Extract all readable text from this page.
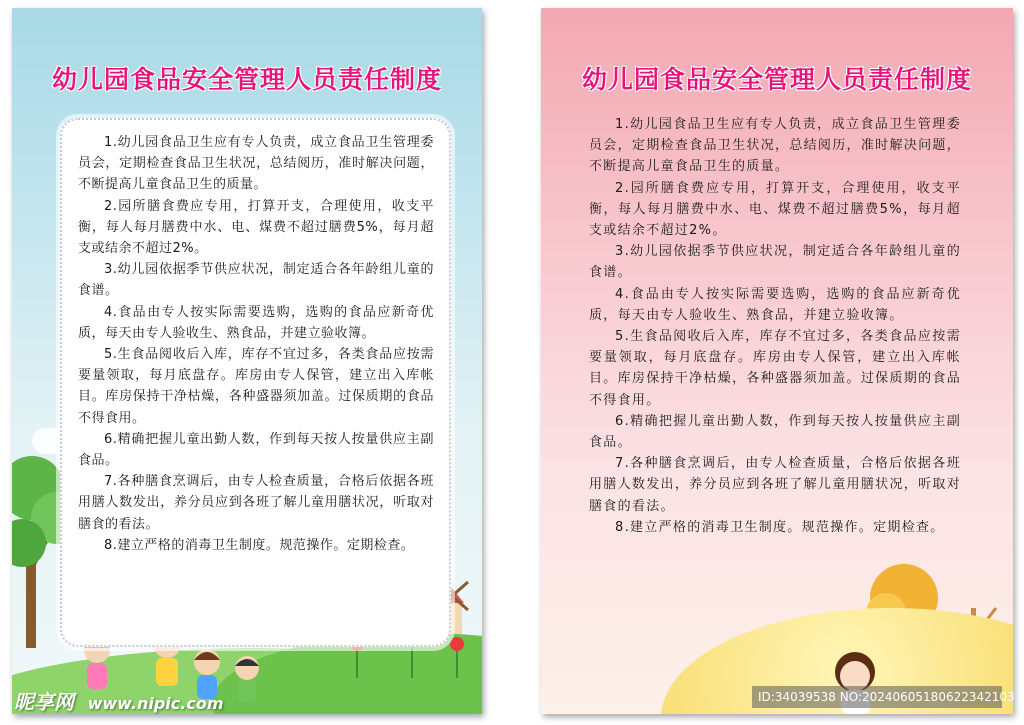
幼儿园食品安全管理人员责任制度
1.幼儿园食品卫生应有专人负责，成立食品卫生管理委员会，定期检查食品卫生状况，总结阅历，准时解决问题，不断提高儿童食品卫生的质量。
2.园所膳食费应专用，打算开支，合理使用，收支平衡，每人每月膳费中水、电、煤费不超过膳费5%，每月超支或结余不超过2%。
3.幼儿园依据季节供应状况，制定适合各年龄组儿童的食谱。
4.食品由专人按实际需要选购，选购的食品应新奇优质，每天由专人验收生、熟食品，并建立验收簿。
5.生食品阅收后入库，库存不宜过多，各类食品应按需要量领取，每月底盘存。库房由专人保管，建立出入库帐目。库房保持干净枯燥，各种盛器须加盖。过保质期的食品不得食用。
6.精确把握儿童出勤人数，作到每天按人按量供应主副食品。
7.各种膳食烹调后，由专人检查质量，合格后依据各班用膳人数发出，养分员应到各班了解儿童用膳状况，听取对膳食的看法。
8.建立严格的消毒卫生制度。规范操作。定期检查。
幼儿园食品安全管理人员责任制度
1.幼儿园食品卫生应有专人负责，成立食品卫生管理委员会，定期检查食品卫生状况，总结阅历，准时解决问题，不断提高儿童食品卫生的质量。
2.园所膳食费应专用，打算开支，合理使用，收支平衡，每人每月膳费中水、电、煤费不超过膳费5%，每月超支或结余不超过2%。
3.幼儿园依据季节供应状况，制定适合各年龄组儿童的食谱。
4.食品由专人按实际需要选购，选购的食品应新奇优质，每天由专人验收生、熟食品，并建立验收簿。
5.生食品阅收后入库，库存不宜过多，各类食品应按需要量领取，每月底盘存。库房由专人保管，建立出入库帐目。库房保持干净枯燥，各种盛器须加盖。过保质期的食品不得食用。
6.精确把握儿童出勤人数，作到每天按人按量供应主副食品。
7.各种膳食烹调后，由专人检查质量，合格后依据各班用膳人数发出，养分员应到各班了解儿童用膳状况，听取对膳食的看法。
8.建立严格的消毒卫生制度。规范操作。定期检查。
昵享网 www.nipic.com	ID:34039538 NO:20240605180622342103
